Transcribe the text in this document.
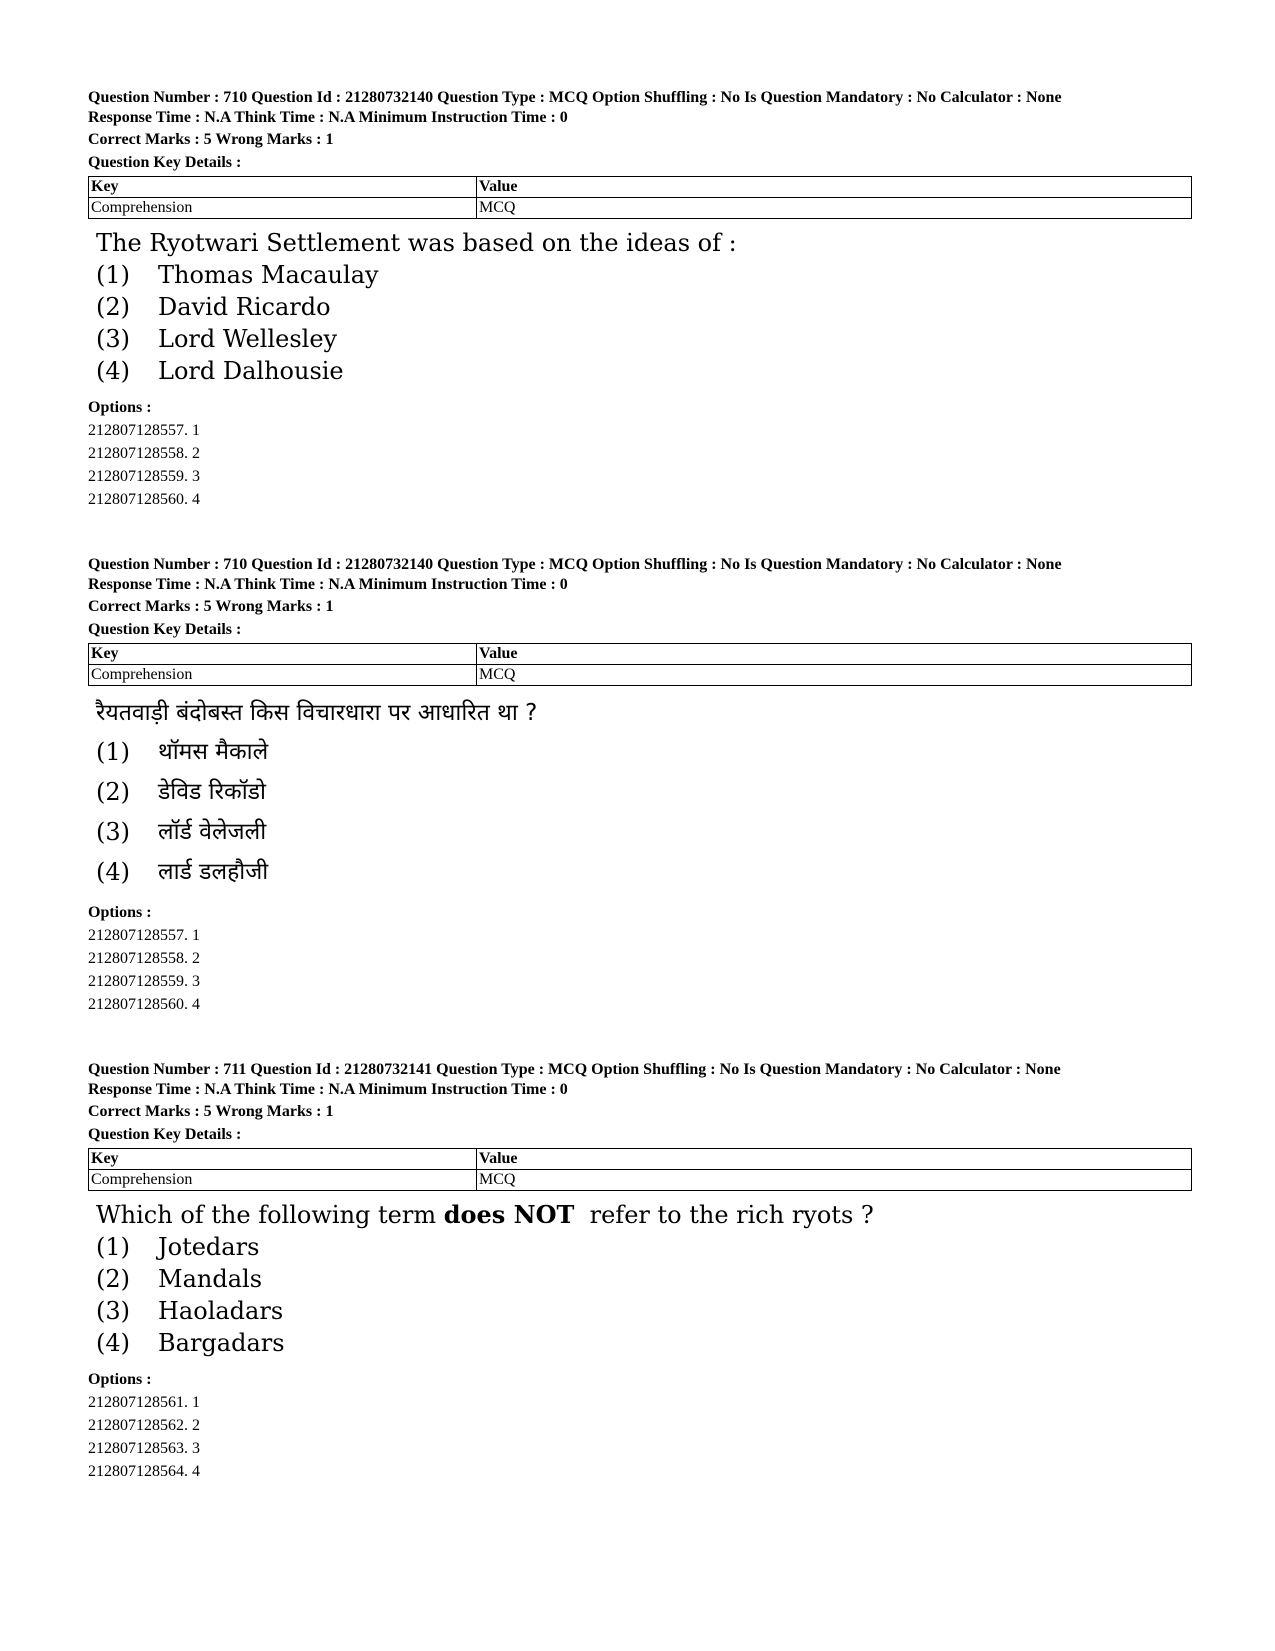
Question Number : 710 Question Id : 21280732140 Question Type : MCQ Option Shuffling : No Is Question Mandatory : No Calculator : None
Response Time : N.A Think Time : N.A Minimum Instruction Time : 0
Correct Marks : 5 Wrong Marks : 1
Question Key Details :
Key	Value
Comprehension	MCQ
The Ryotwari Settlement was based on the ideas of :
(1)	Thomas Macaulay
(2)	David Ricardo
(3)	Lord Wellesley
(4)	Lord Dalhousie
Options :
212807128557. 1
212807128558. 2
212807128559. 3
212807128560. 4
Question Number : 710 Question Id : 21280732140 Question Type : MCQ Option Shuffling : No Is Question Mandatory : No Calculator : None
Response Time : N.A Think Time : N.A Minimum Instruction Time : 0
Correct Marks : 5 Wrong Marks : 1
Question Key Details :
Key	Value
Comprehension	MCQ
रैयतवाड़ी बंदोबस्त किस विचारधारा पर आधारित था ?
(1)	थॉमस मैकाले
(2)	डेविड रिकॉडो
(3)	लॉर्ड वेलेजली
(4)	लार्ड डलहौजी
Options :
212807128557. 1
212807128558. 2
212807128559. 3
212807128560. 4
Question Number : 711 Question Id : 21280732141 Question Type : MCQ Option Shuffling : No Is Question Mandatory : No Calculator : None
Response Time : N.A Think Time : N.A Minimum Instruction Time : 0
Correct Marks : 5 Wrong Marks : 1
Question Key Details :
Key	Value
Comprehension	MCQ
Which of the following term does NOT  refer to the rich ryots ?
(1)	Jotedars
(2)	Mandals
(3)	Haoladars
(4)	Bargadars
Options :
212807128561. 1
212807128562. 2
212807128563. 3
212807128564. 4
